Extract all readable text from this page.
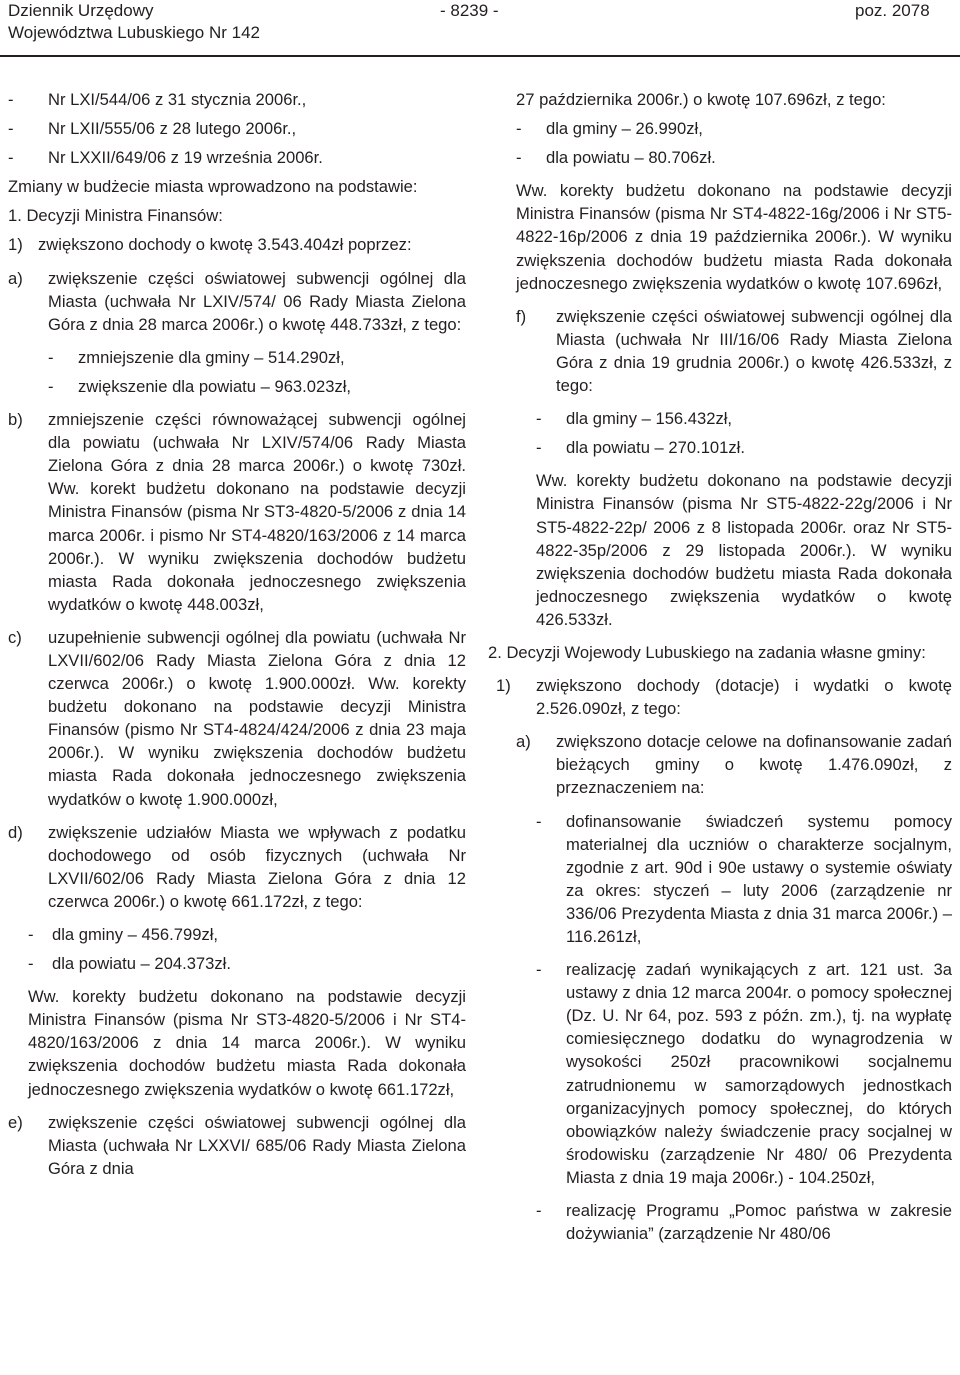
Dziennik Urzędowy
Województwa Lubuskiego Nr 142
- 8239 -	poz. 2078
-	Nr LXI/544/06 z 31 stycznia 2006r.,
-	Nr LXII/555/06 z 28 lutego 2006r.,
-	Nr LXXII/649/06 z 19 września 2006r.
Zmiany w budżecie miasta wprowadzono na podstawie:
1. Decyzji Ministra Finansów:
1) zwiększono dochody o kwotę 3.543.404zł poprzez:
a)	zwiększenie części oświatowej subwencji ogólnej dla Miasta (uchwała Nr LXIV/574/ 06 Rady Miasta Zielona Góra z dnia 28 marca 2006r.) o kwotę 448.733zł, z tego:
-	zmniejszenie dla gminy – 514.290zł,
-	zwiększenie dla powiatu – 963.023zł,
b)	zmniejszenie części równoważącej subwencji ogólnej dla powiatu (uchwała Nr LXIV/574/06 Rady Miasta Zielona Góra z dnia 28 marca 2006r.) o kwotę 730zł. Ww. korekt budżetu dokonano na podstawie decyzji Ministra Finansów (pisma Nr ST3-4820-5/2006 z dnia 14 marca 2006r. i pismo Nr ST4-4820/163/2006 z 14 marca 2006r.). W wyniku zwiększenia dochodów budżetu miasta Rada dokonała jednoczesnego zwiększenia wydatków o kwotę 448.003zł,
c)	uzupełnienie subwencji ogólnej dla powiatu (uchwała Nr LXVII/602/06 Rady Miasta Zielona Góra z dnia 12 czerwca 2006r.) o kwotę 1.900.000zł. Ww. korekty budżetu dokonano na podstawie decyzji Ministra Finansów (pismo Nr ST4-4824/424/2006 z dnia 23 maja 2006r.). W wyniku zwiększenia dochodów budżetu miasta Rada dokonała jednoczesnego zwiększenia wydatków o kwotę 1.900.000zł,
d)	zwiększenie udziałów Miasta we wpływach z podatku dochodowego od osób fizycznych (uchwała Nr LXVII/602/06 Rady Miasta Zielona Góra z dnia 12 czerwca 2006r.) o kwotę 661.172zł, z tego:
-	dla gminy – 456.799zł,
-	dla powiatu – 204.373zł.
Ww. korekty budżetu dokonano na podstawie decyzji Ministra Finansów (pisma Nr ST3-4820-5/2006 i Nr ST4-4820/163/2006 z dnia 14 marca 2006r.). W wyniku zwiększenia dochodów budżetu miasta Rada dokonała jednoczesnego zwiększenia wydatków o kwotę 661.172zł,
e)	zwiększenie części oświatowej subwencji ogólnej dla Miasta (uchwała Nr LXXVI/ 685/06 Rady Miasta Zielona Góra z dnia
27 października 2006r.) o kwotę 107.696zł, z tego:
-	dla gminy – 26.990zł,
-	dla powiatu – 80.706zł.
Ww. korekty budżetu dokonano na podstawie decyzji Ministra Finansów (pisma Nr ST4-4822-16g/2006 i Nr ST5-4822-16p/2006 z dnia 19 października 2006r.). W wyniku zwiększenia dochodów budżetu miasta Rada dokonała jednoczesnego zwiększenia wydatków o kwotę 107.696zł,
f)	zwiększenie części oświatowej subwencji ogólnej dla Miasta (uchwała Nr III/16/06 Rady Miasta Zielona Góra z dnia 19 grudnia 2006r.) o kwotę 426.533zł, z tego:
-	dla gminy – 156.432zł,
-	dla powiatu – 270.101zł.
Ww. korekty budżetu dokonano na podstawie decyzji Ministra Finansów (pisma Nr ST5-4822-22g/2006 i Nr ST5-4822-22p/ 2006 z 8 listopada 2006r. oraz Nr ST5-4822-35p/2006 z 29 listopada 2006r.). W wyniku zwiększenia dochodów budżetu miasta Rada dokonała jednoczesnego zwiększenia wydatków o kwotę 426.533zł.
2. Decyzji Wojewody Lubuskiego na zadania własne gminy:
1)	zwiększono dochody (dotacje) i wydatki o kwotę 2.526.090zł, z tego:
a)	zwiększono dotacje celowe na dofinansowanie zadań bieżących gminy o kwotę 1.476.090zł, z przeznaczeniem na:
-	dofinansowanie świadczeń systemu pomocy materialnej dla uczniów o charakterze socjalnym, zgodnie z art. 90d i 90e ustawy o systemie oświaty za okres: styczeń – luty 2006 (zarządzenie nr 336/06 Prezydenta Miasta z dnia 31 marca 2006r.) – 116.261zł,
-	realizację zadań wynikających z art. 121 ust. 3a ustawy z dnia 12 marca 2004r. o pomocy społecznej (Dz. U. Nr 64, poz. 593 z późn. zm.), tj. na wypłatę comiesięcznego dodatku do wynagrodzenia w wysokości 250zł pracownikowi socjalnemu zatrudnionemu w samorządowych jednostkach organizacyjnych pomocy społecznej, do których obowiązków należy świadczenie pracy socjalnej w środowisku (zarządzenie Nr 480/ 06 Prezydenta Miasta z dnia 19 maja 2006r.) - 104.250zł,
-	realizację Programu „Pomoc państwa w zakresie dożywiania” (zarządzenie Nr 480/06
